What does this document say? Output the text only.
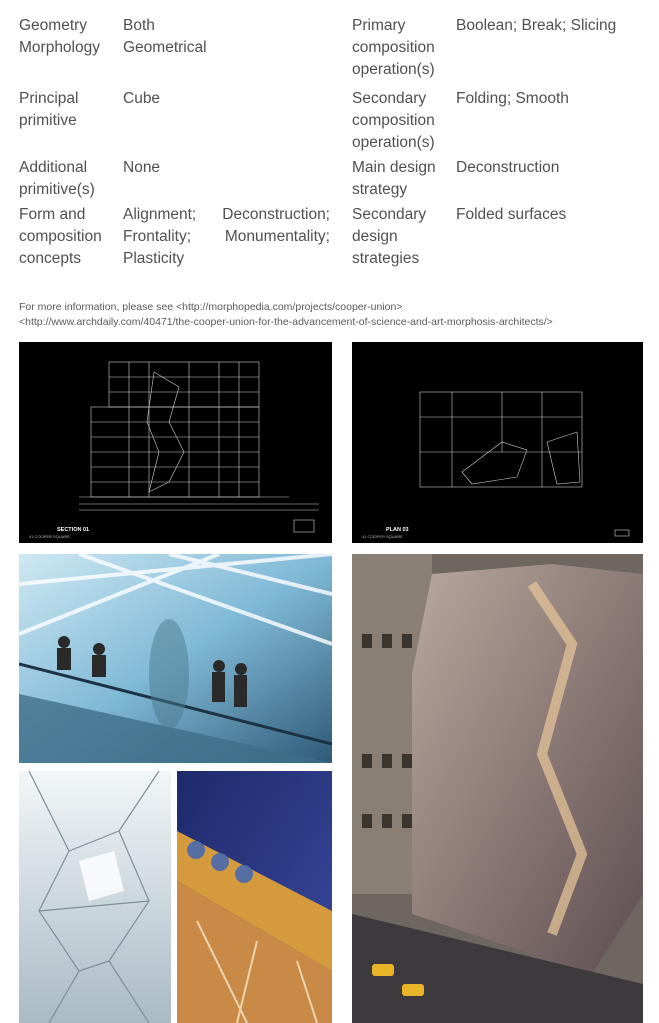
Geometry Morphology
Both Geometrical
Principal primitive
Cube
Additional primitive(s)
None
Form and composition concepts
Alignment; Deconstruction; Frontality; Monumentality; Plasticity
Primary composition operation(s)
Boolean; Break; Slicing
Secondary composition operation(s)
Folding; Smooth
Main design strategy
Deconstruction
Secondary design strategies
Folded surfaces
For more information, please see <http://morphopedia.com/projects/cooper-union>
<http://www.archdaily.com/40471/the-cooper-union-for-the-advancement-of-science-and-art-morphosis-architects/>
SECTION 01
41 COOPER SQUARE
PLAN 03
41 COOPER SQUARE
